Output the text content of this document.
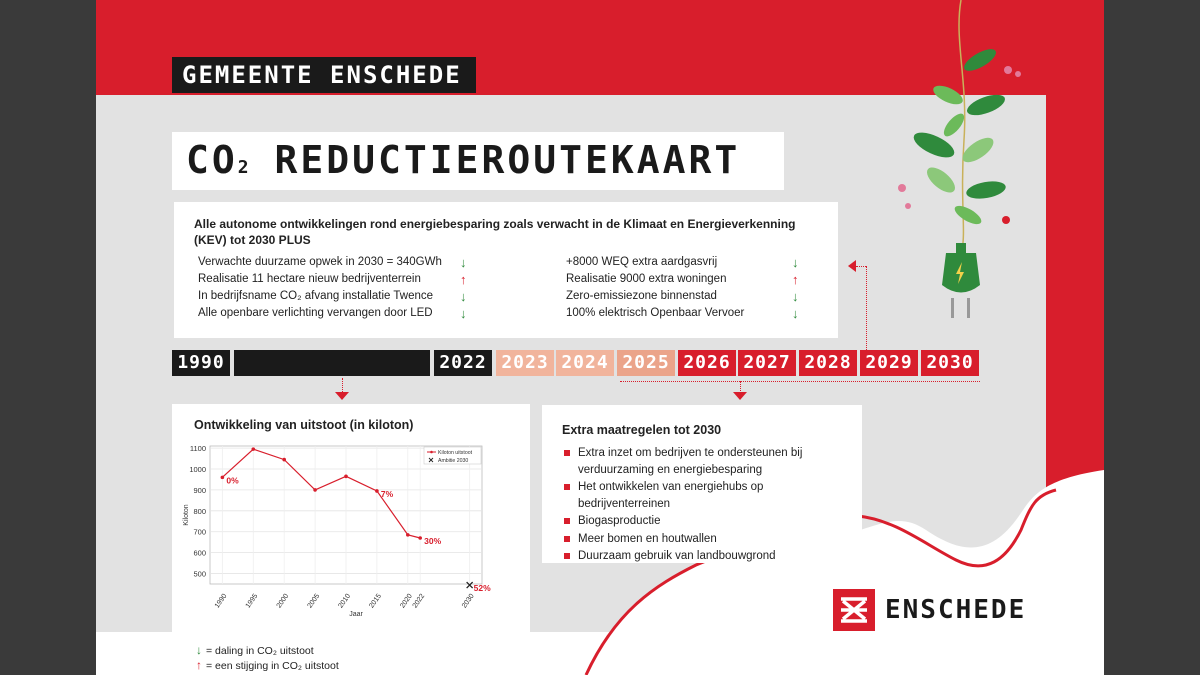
GEMEENTE ENSCHEDE
CO2 REDUCTIEROUTEKAART
Alle autonome ontwikkelingen rond energiebesparing zoals verwacht in de Klimaat en Energieverkenning (KEV) tot 2030 PLUS
Verwachte duurzame opwek in 2030 = 340GWh ↓
Realisatie 11 hectare nieuw bedrijventerrein	↑
In bedrijfsname CO₂ afvang installatie Twence ↓
Alle openbare verlichting vervangen door LED ↓
+8000 WEQ extra aardgasvrij	↓
Realisatie 9000 extra woningen	↑
Zero-emissiezone binnenstad	↓
100% elektrisch Openbaar Vervoer	↓
1990	2022 2023 2024 2025 2026 2027 2028 2029 2030
Ontwikkeling van uitstoot (in kiloton)
1100
1000
900
800
700
600
500
1990 1995 2000 2005 2010 2015 2020
2022	2030
Kiloton
Jaar
0%
7%
30%
52%
Kiloton uitstoot
Ambitie 2030
Extra maatregelen tot 2030
Extra inzet om bedrijven te ondersteunen bij verduurzaming en energiebesparing
Het ontwikkelen van energiehubs op bedrijventerreinen
Biogasproductie
Meer bomen en houtwallen
Duurzaam gebruik van landbouwgrond
↓ = daling in CO₂ uitstoot
↑ = een stijging in CO₂ uitstoot
ENSCHEDE
